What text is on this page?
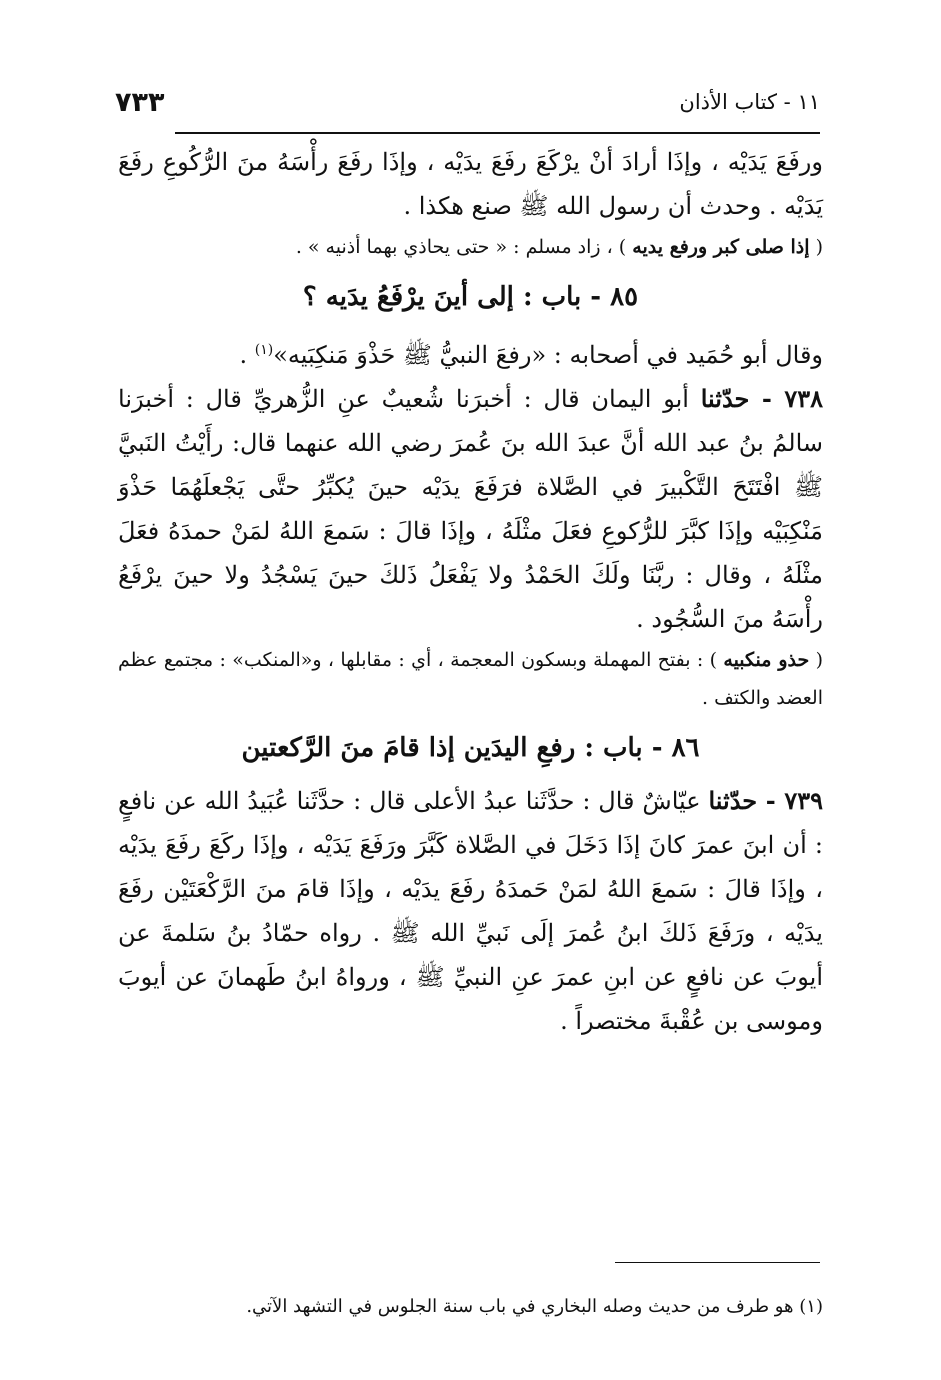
٧٣٣	١١ - كتاب الأذان

ورفَعَ يَدَيْه ، وإذَا أرادَ أنْ يرْكَعَ رفَعَ يدَيْه ، وإذَا رفَعَ رأْسَهُ منَ الرُّكُوعِ رفَعَ يَدَيْه . وحدث أن رسول الله ﷺ صنع هكذا .

( إذا صلى كبر ورفع يديه ) ، زاد مسلم : « حتى يحاذي بهما أذنيه » .

٨٥ - باب : إلى أينَ يرْفَعُ يدَيه ؟

وقال أبو حُمَيد في أصحابه : «رفعَ النبيُّ ﷺ حَذْوَ مَنكِبَيه»$^{(١)}$ .

٧٣٨ - حدّثنا أبو اليمان قال : أخبرَنا شُعيبٌ عنِ الزُّهريِّ قال : أخبرَنا سالمُ بنُ عبد الله أنَّ عبدَ الله بنَ عُمرَ رضي الله عنهما قال: رأَيْتُ النَبيَّ ﷺ افْتَتَحَ التَّكْبيرَ في الصَّلاة فرَفَعَ يدَيْه حينَ يُكبِّرُ حتَّى يَجْعلَهُمَا حَذْوَ مَنْكِبَيْه وإذَا كبَّرَ للرُّكوعِ فعَلَ مثْلَهُ ، وإذَا قالَ : سَمعَ اللهُ لمَنْ حمدَهُ فعَلَ مثْلَهُ ، وقال : ربَّنَا ولَكَ الحَمْدُ ولا يَفْعَلُ ذَلكَ حينَ يَسْجُدُ ولا حينَ يرْفَعُ رأْسَهُ منَ السُّجُود .

( حذو منكبيه ) : بفتح المهملة وبسكون المعجمة ، أي : مقابلها ، و«المنكب» : مجتمع عظم العضد والكتف .

٨٦ - باب : رفعِ اليدَين إذا قامَ منَ الرَّكعتين

٧٣٩ - حدّثنا عيّاشٌ قال : حدَّثَنا عبدُ الأعلى قال : حدَّثَنا عُبَيدُ الله عن نافعٍ : أن ابنَ عمرَ كانَ إذَا دَخَلَ في الصَّلاة كَبَّرَ ورَفَعَ يَدَيْه ، وإذَا ركَعَ رفَعَ يدَيْه ، وإذَا قالَ : سَمعَ اللهُ لمَنْ حَمدَهُ رفَعَ يدَيْه ، وإذَا قامَ منَ الرَّكْعَتَيْن رفَعَ يدَيْه ، ورَفَعَ ذَلكَ ابنُ عُمرَ إلَى نَبيِّ الله ﷺ . رواه حمّادُ بنُ سَلمةَ عن أيوبَ عن نافعٍ عن ابنِ عمرَ عنِ النبيِّ ﷺ ، ورواهُ ابنُ طَهمانَ عن أيوبَ وموسى بن عُقْبةَ مختصراً .

(١) هو طرف من حديث وصله البخاري في باب سنة الجلوس في التشهد الآتي.
